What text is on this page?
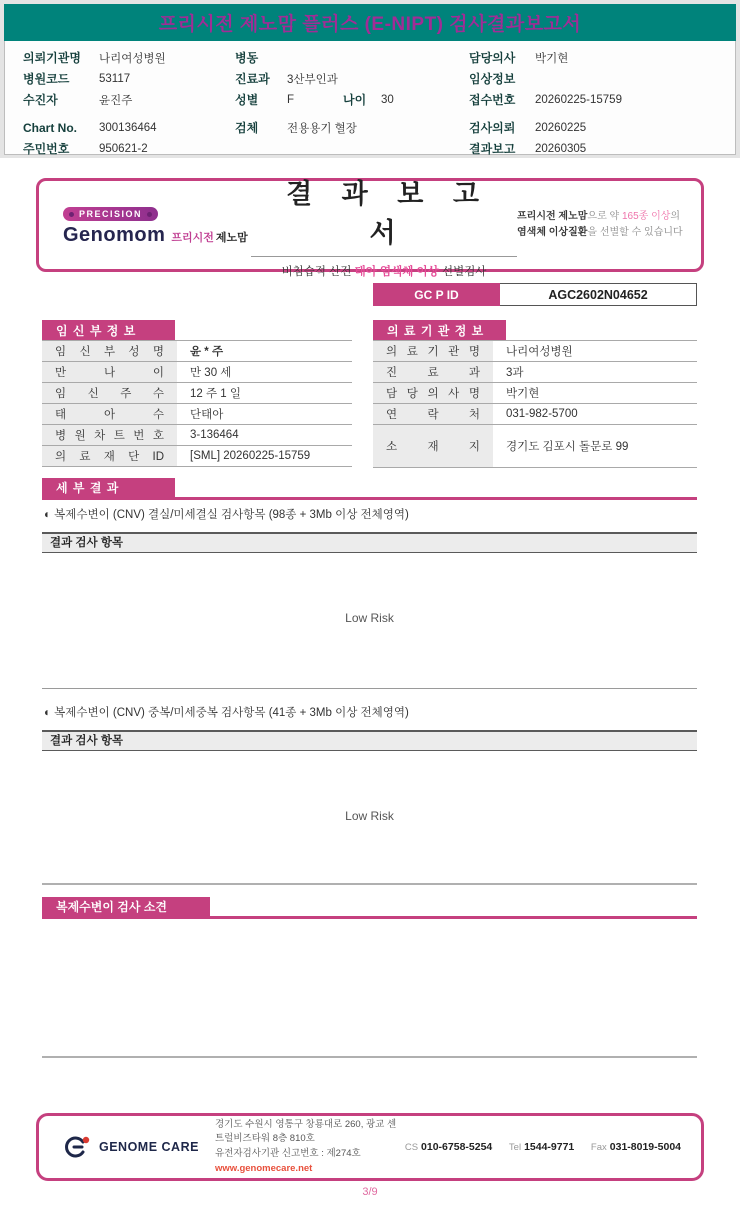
프리시전 제노맘 플러스 (E-NIPT) 검사결과보고서
의뢰기관명	나리여성병원
병원코드	53117
수진자	윤진주
Chart No.	300136464
주민번호	950621-2
병동
진료과	3산부인과
성별	F	나이	30
검체	전용용기 혈장
담당의사	박기현
임상정보
접수번호	20260225-15759
검사의뢰	20260225
결과보고	20260305
PRECISION
Genomom 프리시전 제노맘
결 과 보 고 서
비침습적 산전 태아 염색체 이상 선별검사
프리시전 제노맘으로 약 165종 이상의
염색체 이상질환을 선별할 수 있습니다
GC P ID	AGC2602N04652
임 신 부 정 보
임 신 부 성 명	윤 * 주
만 나 이	만 30 세
임 신 주 수	12 주 1 일
태 아 수	단태아
병 원 차 트 번 호	3-136464
의 료 재 단 ID	[SML] 20260225-15759
의 료 기 관 정 보
의 료 기 관 명	나리여성병원
진 료 과	3과
담 당 의 사 명	박기현
연 락 처	031-982-5700
소 재 지	경기도 김포시 돌문로 99
세 부 결 과
◐ 복제수변이 (CNV) 결실/미세결실 검사항목 (98종 + 3Mb 이상 전체영역)
결과 검사 항목
Low Risk
◐ 복제수변이 (CNV) 중복/미세중복 검사항목 (41종 + 3Mb 이상 전체영역)
결과 검사 항목
Low Risk
복제수변이 검사 소견
GENOME CARE
경기도 수원시 영통구 창룡대로 260, 광교 센트럴비즈타워 8층 810호
유전자검사기관 신고번호 : 제274호
www.genomecare.net
CS 010-6758-5254 Tel 1544-9771 Fax 031-8019-5004
3/9
